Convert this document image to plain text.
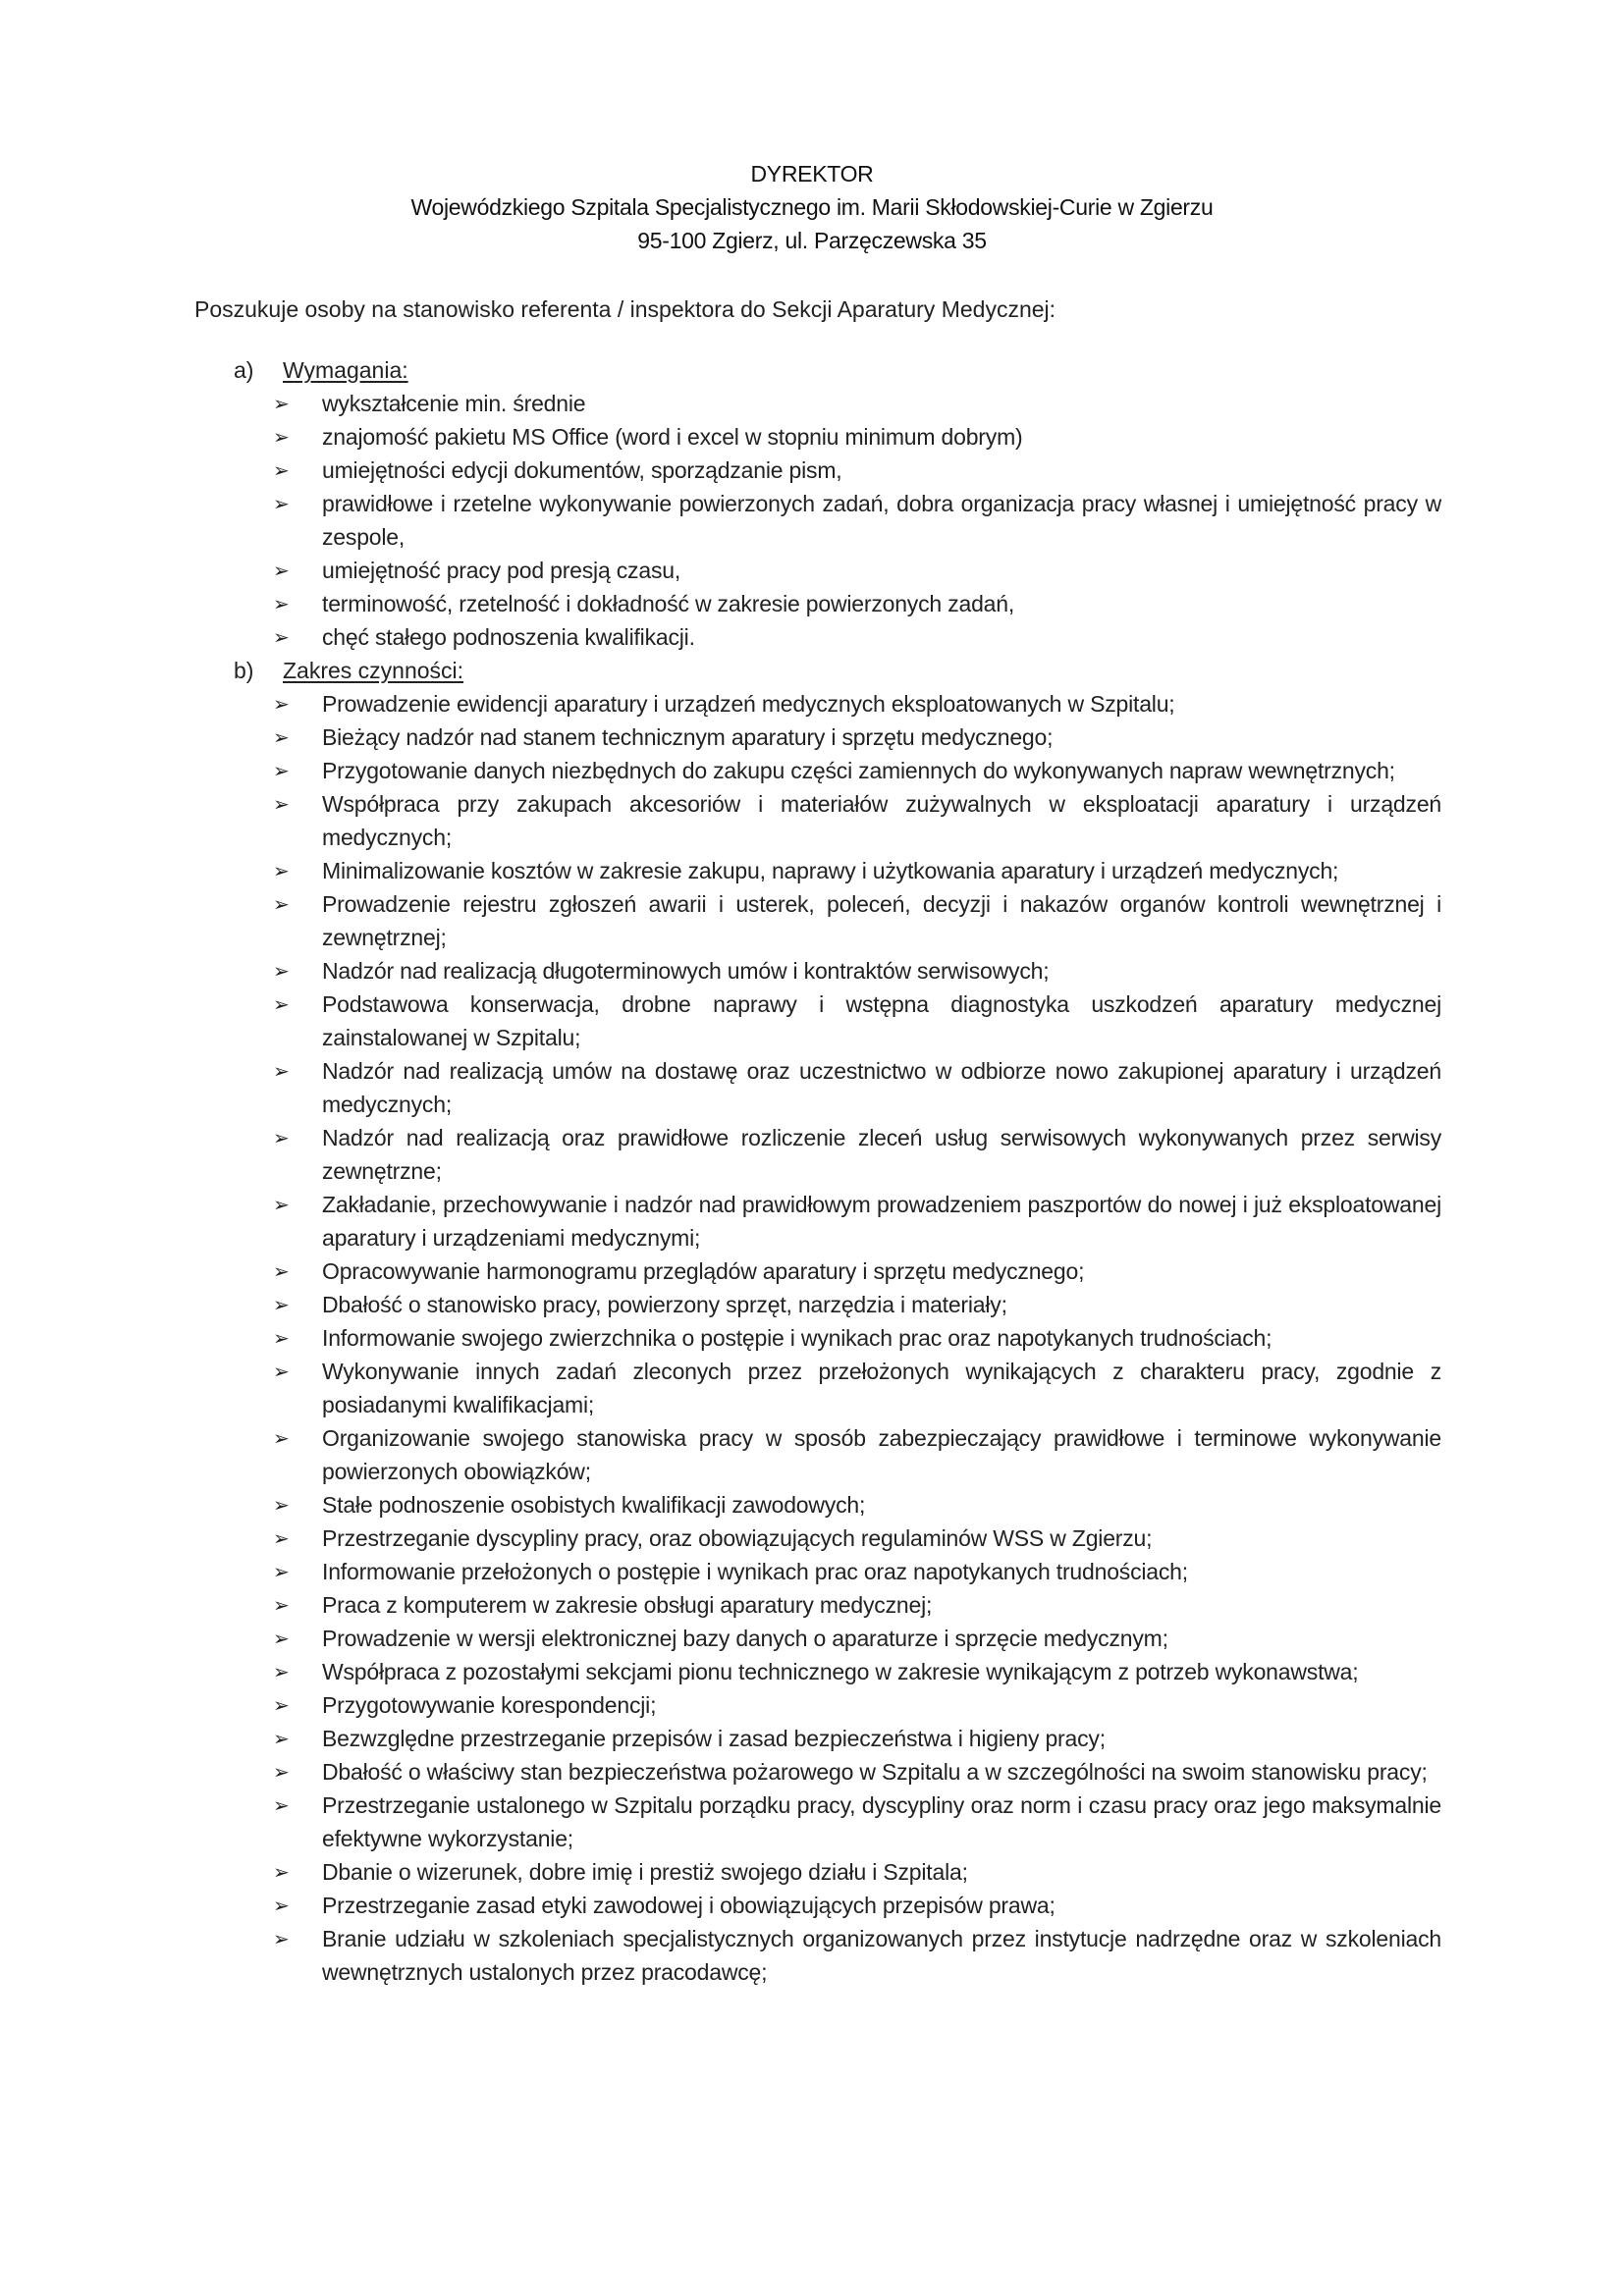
DYREKTOR
Wojewódzkiego Szpitala Specjalistycznego im. Marii Skłodowskiej-Curie w Zgierzu
95-100 Zgierz, ul. Parzęczewska 35
Poszukuje osoby na stanowisko referenta / inspektora do Sekcji Aparatury Medycznej:
a) Wymagania:
➢	wykształcenie min. średnie
➢	znajomość pakietu MS Office (word i excel w stopniu minimum dobrym)
➢	umiejętności edycji dokumentów, sporządzanie pism,
➢	prawidłowe i rzetelne wykonywanie powierzonych zadań, dobra organizacja pracy własnej i umiejętność pracy w zespole,
➢	umiejętność pracy pod presją czasu,
➢	terminowość, rzetelność i dokładność w zakresie powierzonych zadań,
➢	chęć stałego podnoszenia kwalifikacji.
b) Zakres czynności:
➢	Prowadzenie ewidencji aparatury i urządzeń medycznych eksploatowanych w Szpitalu;
➢	Bieżący nadzór nad stanem technicznym aparatury i sprzętu medycznego;
➢	Przygotowanie danych niezbędnych do zakupu części zamiennych do wykonywanych napraw wewnętrznych;
➢	Współpraca przy zakupach akcesoriów i materiałów zużywalnych w eksploatacji aparatury i urządzeń medycznych;
➢	Minimalizowanie kosztów w zakresie zakupu, naprawy i użytkowania aparatury i urządzeń medycznych;
➢	Prowadzenie rejestru zgłoszeń awarii i usterek, poleceń, decyzji i nakazów organów kontroli wewnętrznej i zewnętrznej;
➢	Nadzór nad realizacją długoterminowych umów i kontraktów serwisowych;
➢	Podstawowa konserwacja, drobne naprawy i wstępna diagnostyka uszkodzeń aparatury medycznej zainstalowanej w Szpitalu;
➢	Nadzór nad realizacją umów na dostawę oraz uczestnictwo w odbiorze nowo zakupionej aparatury i urządzeń medycznych;
➢	Nadzór nad realizacją oraz prawidłowe rozliczenie zleceń usług serwisowych wykonywanych przez serwisy zewnętrzne;
➢	Zakładanie, przechowywanie i nadzór nad prawidłowym prowadzeniem paszportów do nowej i już eksploatowanej aparatury i urządzeniami medycznymi;
➢	Opracowywanie harmonogramu przeglądów aparatury i sprzętu medycznego;
➢	Dbałość o stanowisko pracy, powierzony sprzęt, narzędzia i materiały;
➢	Informowanie swojego zwierzchnika o postępie i wynikach prac oraz napotykanych trudnościach;
➢	Wykonywanie innych zadań zleconych przez przełożonych wynikających z charakteru pracy, zgodnie z posiadanymi kwalifikacjami;
➢	Organizowanie swojego stanowiska pracy w sposób zabezpieczający prawidłowe i terminowe wykonywanie powierzonych obowiązków;
➢	Stałe podnoszenie osobistych kwalifikacji zawodowych;
➢	Przestrzeganie dyscypliny pracy, oraz obowiązujących regulaminów WSS w Zgierzu;
➢	Informowanie przełożonych o postępie i wynikach prac oraz napotykanych trudnościach;
➢	Praca z komputerem w zakresie obsługi aparatury medycznej;
➢	Prowadzenie w wersji elektronicznej bazy danych o aparaturze i sprzęcie medycznym;
➢	Współpraca z pozostałymi sekcjami pionu technicznego w zakresie wynikającym z potrzeb wykonawstwa;
➢	Przygotowywanie korespondencji;
➢	Bezwzględne przestrzeganie przepisów i zasad bezpieczeństwa i higieny pracy;
➢	Dbałość o właściwy stan bezpieczeństwa pożarowego w Szpitalu a w szczególności na swoim stanowisku pracy;
➢	Przestrzeganie ustalonego w Szpitalu porządku pracy, dyscypliny oraz norm i czasu pracy oraz jego maksymalnie efektywne wykorzystanie;
➢	Dbanie o wizerunek, dobre imię i prestiż swojego działu i Szpitala;
➢	Przestrzeganie zasad etyki zawodowej i obowiązujących przepisów prawa;
➢	Branie udziału w szkoleniach specjalistycznych organizowanych przez instytucje nadrzędne oraz w szkoleniach wewnętrznych ustalonych przez pracodawcę;
